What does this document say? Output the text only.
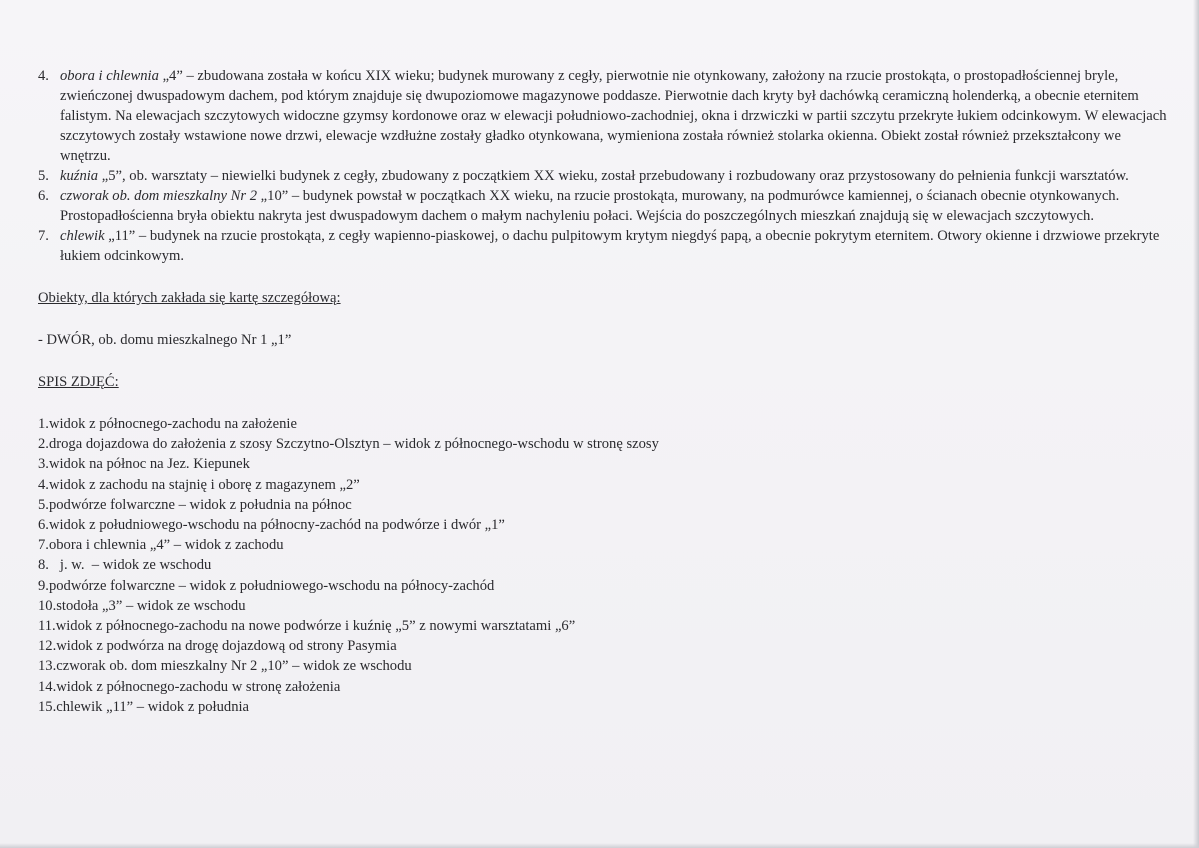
4. obora i chlewnia „4” – zbudowana została w końcu XIX wieku; budynek murowany z cegły, pierwotnie nie otynkowany, założony na rzucie prostokąta, o prostopadłościennej bryle, zwieńczonej dwuspadowym dachem, pod którym znajduje się dwupoziomowe magazynowe poddasze. Pierwotnie dach kryty był dachówką ceramiczną holenderką, a obecnie eternitem falistym. Na elewacjach szczytowych widoczne gzymsy kordonowe oraz w elewacji południowo-zachodniej, okna i drzwiczki w partii szczytu przekryte łukiem odcinkowym. W elewacjach szczytowych zostały wstawione nowe drzwi, elewacje wzdłużne zostały gładko otynkowana, wymieniona została również stolarka okienna. Obiekt został również przekształcony we wnętrzu.
5. kuźnia „5”, ob. warsztaty – niewielki budynek z cegły, zbudowany z początkiem XX wieku, został przebudowany i rozbudowany oraz przystosowany do pełnienia funkcji warsztatów.
6. czworak ob. dom mieszkalny Nr 2 „10” – budynek powstał w początkach XX wieku, na rzucie prostokąta, murowany, na podmurówce kamiennej, o ścianach obecnie otynkowanych. Prostopadłościenna bryła obiektu nakryta jest dwuspadowym dachem o małym nachyleniu połaci. Wejścia do poszczególnych mieszkań znajdują się w elewacjach szczytowych.
7. chlewik „11” – budynek na rzucie prostokąta, z cegły wapienno-piaskowej, o dachu pulpitowym krytym niegdyś papą, a obecnie pokrytym eternitem. Otwory okienne i drzwiowe przekryte łukiem odcinkowym.
Obiekty, dla których zakłada się kartę szczegółową:
- DWÓR, ob. domu mieszkalnego Nr 1 „1”
SPIS ZDJĘĆ:
1.widok z północnego-zachodu na założenie
2.droga dojazdowa do założenia z szosy Szczytno-Olsztyn – widok z północnego-wschodu w stronę szosy
3.widok na północ na Jez. Kiepunek
4.widok z zachodu na stajnię i oborę z magazynem „2”
5.podwórze folwarczne – widok z południa na północ
6.widok z południowego-wschodu na północny-zachód na podwórze i dwór „1”
7.obora i chlewnia „4” – widok z zachodu
8.   j. w.  – widok ze wschodu
9.podwórze folwarczne – widok z południowego-wschodu na północy-zachód
10.stodoła „3” – widok ze wschodu
11.widok z północnego-zachodu na nowe podwórze i kuźnię „5” z nowymi warsztatami „6”
12.widok z podwórza na drogę dojazdową od strony Pasymia
13.czworak ob. dom mieszkalny Nr 2 „10” – widok ze wschodu
14.widok z północnego-zachodu w stronę założenia
15.chlewik „11” – widok z południa
